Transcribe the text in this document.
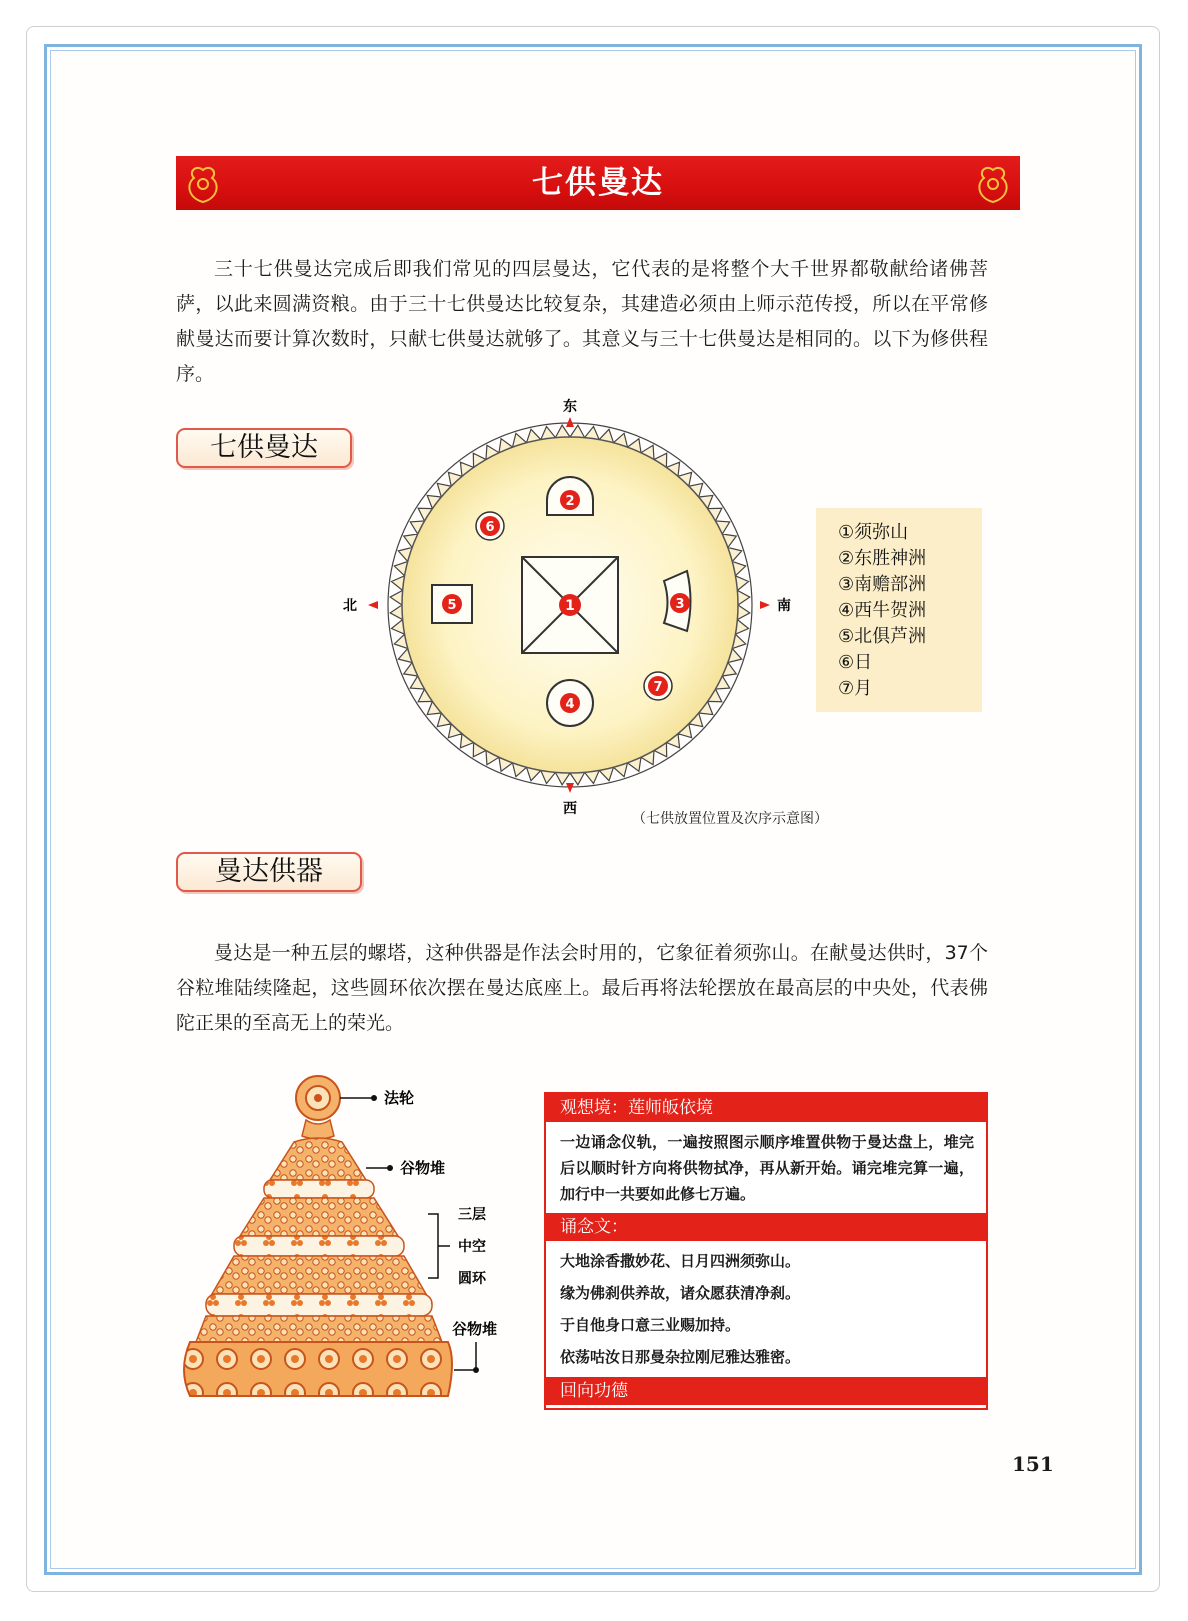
七供曼达

三十七供曼达完成后即我们常见的四层曼达，它代表的是将整个大千世界都敬献给诸佛菩萨，以此来圆满资粮。由于三十七供曼达比较复杂，其建造必须由上师示范传授，所以在平常修献曼达而要计算次数时，只献七供曼达就够了。其意义与三十七供曼达是相同的。以下为修供程序。

七供曼达
东
西
北	南
1
2
3
4
5
6
7
①须弥山
②东胜神洲
③南赡部洲
④西牛贺洲
⑤北俱芦洲
⑥日
⑦月
（七供放置位置及次序示意图）
曼达供器

曼达是一种五层的螺塔，这种供器是作法会时用的，它象征着须弥山。在献曼达供时，37个谷粒堆陆续隆起，这些圆环依次摆在曼达底座上。最后再将法轮摆放在最高层的中央处，代表佛陀正果的至高无上的荣光。

法轮
谷物堆
三层
中空
圆环
谷物堆
观想境：莲师皈依境
一边诵念仪轨，一遍按照图示顺序堆置供物于曼达盘上，堆完后以顺时针方向将供物拭净，再从新开始。诵完堆完算一遍，加行中一共要如此修七万遍。
诵念文：
大地涂香撒妙花、日月四洲须弥山。
缘为佛刹供养故，诸众愿获清净刹。
于自他身口意三业赐加持。
依荡咕汝日那曼杂拉刚尼雅达雅密。
回向功德
151
